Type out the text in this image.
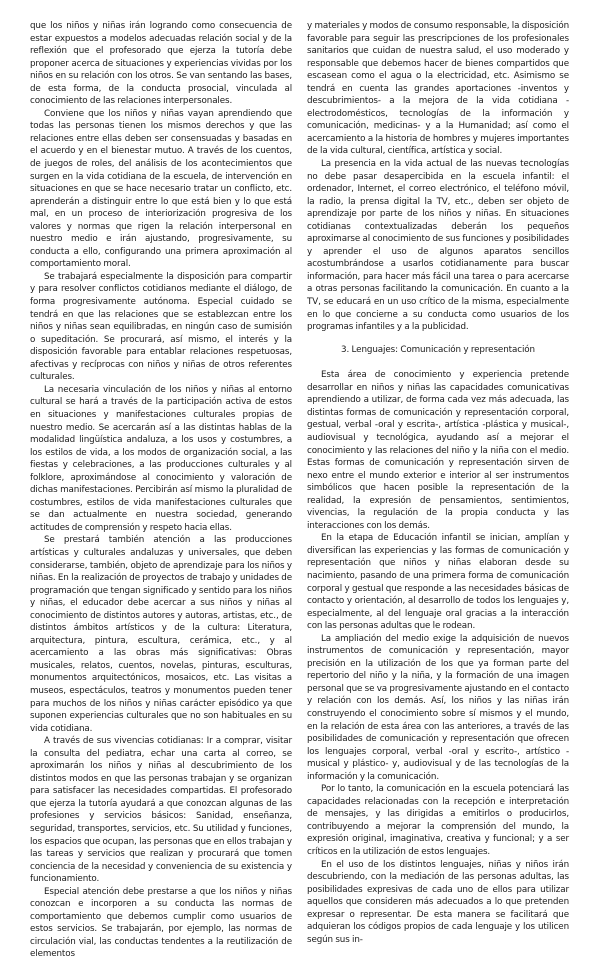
que los niños y niñas irán logrando como consecuencia de estar expuestos a modelos adecuadas relación social y de la reflexión que el profesorado que ejerza la tutoría debe proponer acerca de situaciones y experiencias vividas por los niños en su relación con los otros. Se van sentando las bases, de esta forma, de la conducta prosocial, vinculada al conocimiento de las relaciones interpersonales.

Conviene que los niños y niñas vayan aprendiendo que todas las personas tienen los mismos derechos y que las relaciones entre ellas deben ser consensuadas y basadas en el acuerdo y en el bienestar mutuo. A través de los cuentos, de juegos de roles, del análisis de los acontecimientos que surgen en la vida cotidiana de la escuela, de intervención en situaciones en que se hace necesario tratar un conflicto, etc. aprenderán a distinguir entre lo que está bien y lo que está mal, en un proceso de interiorización progresiva de los valores y normas que rigen la relación interpersonal en nuestro medio e irán ajustando, progresivamente, su conducta a ello, configurando una primera aproximación al comportamiento moral.

Se trabajará especialmente la disposición para compartir y para resolver conflictos cotidianos mediante el diálogo, de forma progresivamente autónoma. Especial cuidado se tendrá en que las relaciones que se establezcan entre los niños y niñas sean equilibradas, en ningún caso de sumisión o supeditación. Se procurará, así mismo, el interés y la disposición favorable para entablar relaciones respetuosas, afectivas y recíprocas con niños y niñas de otros referentes culturales.

La necesaria vinculación de los niños y niñas al entorno cultural se hará a través de la participación activa de estos en situaciones y manifestaciones culturales propias de nuestro medio. Se acercarán así a las distintas hablas de la modalidad lingüística andaluza, a los usos y costumbres, a los estilos de vida, a los modos de organización social, a las fiestas y celebraciones, a las producciones culturales y al folklore, aproximándose al conocimiento y valoración de dichas manifestaciones. Percibirán así mismo la pluralidad de costumbres, estilos de vida manifestaciones culturales que se dan actualmente en nuestra sociedad, generando actitudes de comprensión y respeto hacia ellas.

Se prestará también atención a las producciones artísticas y culturales andaluzas y universales, que deben considerarse, también, objeto de aprendizaje para los niños y niñas. En la realización de proyectos de trabajo y unidades de programación que tengan significado y sentido para los niños y niñas, el educador debe acercar a sus niños y niñas al conocimiento de distintos autores y autoras, artistas, etc., de distintos ámbitos artísticos y de la cultura: Literatura, arquitectura, pintura, escultura, cerámica, etc., y al acercamiento a las obras más significativas: Obras musicales, relatos, cuentos, novelas, pinturas, esculturas, monumentos arquitectónicos, mosaicos, etc. Las visitas a museos, espectáculos, teatros y monumentos pueden tener para muchos de los niños y niñas carácter episódico ya que suponen experiencias culturales que no son habituales en su vida cotidiana.

A través de sus vivencias cotidianas: Ir a comprar, visitar la consulta del pediatra, echar una carta al correo, se aproximarán los niños y niñas al descubrimiento de los distintos modos en que las personas trabajan y se organizan para satisfacer las necesidades compartidas. El profesorado que ejerza la tutoría ayudará a que conozcan algunas de las profesiones y servicios básicos: Sanidad, enseñanza, seguridad, transportes, servicios, etc. Su utilidad y funciones, los espacios que ocupan, las personas que en ellos trabajan y las tareas y servicios que realizan y procurará que tomen conciencia de la necesidad y conveniencia de su existencia y funcionamiento.

Especial atención debe prestarse a que los niños y niñas conozcan e incorporen a su conducta las normas de comportamiento que debemos cumplir como usuarios de estos servicios. Se trabajarán, por ejemplo, las normas de circulación vial, las conductas tendentes a la reutilización de elementos

y materiales y modos de consumo responsable, la disposición favorable para seguir las prescripciones de los profesionales sanitarios que cuidan de nuestra salud, el uso moderado y responsable que debemos hacer de bienes compartidos que escasean como el agua o la electricidad, etc. Asimismo se tendrá en cuenta las grandes aportaciones -inventos y descubrimientos- a la mejora de la vida cotidiana -electrodomésticos, tecnologías de la información y comunicación, medicinas- y a la Humanidad; así como el acercamiento a la historia de hombres y mujeres importantes de la vida cultural, científica, artística y social.

La presencia en la vida actual de las nuevas tecnologías no debe pasar desapercibida en la escuela infantil: el ordenador, Internet, el correo electrónico, el teléfono móvil, la radio, la prensa digital la TV, etc., deben ser objeto de aprendizaje por parte de los niños y niñas. En situaciones cotidianas contextualizadas deberán los pequeños aproximarse al conocimiento de sus funciones y posibilidades y aprender el uso de algunos aparatos sencillos acostumbrándose a usarlos cotidianamente para buscar información, para hacer más fácil una tarea o para acercarse a otras personas facilitando la comunicación. En cuanto a la TV, se educará en un uso crítico de la misma, especialmente en lo que concierne a su conducta como usuarios de los programas infantiles y a la publicidad.

3. Lenguajes: Comunicación y representación

Esta área de conocimiento y experiencia pretende desarrollar en niños y niñas las capacidades comunicativas aprendiendo a utilizar, de forma cada vez más adecuada, las distintas formas de comunicación y representación corporal, gestual, verbal -oral y escrita-, artística -plástica y musical-, audiovisual y tecnológica, ayudando así a mejorar el conocimiento y las relaciones del niño y la niña con el medio. Estas formas de comunicación y representación sirven de nexo entre el mundo exterior e interior al ser instrumentos simbólicos que hacen posible la representación de la realidad, la expresión de pensamientos, sentimientos, vivencias, la regulación de la propia conducta y las interacciones con los demás.

En la etapa de Educación infantil se inician, amplían y diversifican las experiencias y las formas de comunicación y representación que niños y niñas elaboran desde su nacimiento, pasando de una primera forma de comunicación corporal y gestual que responde a las necesidades básicas de contacto y orientación, al desarrollo de todos los lenguajes y, especialmente, al del lenguaje oral gracias a la interacción con las personas adultas que le rodean.

La ampliación del medio exige la adquisición de nuevos instrumentos de comunicación y representación, mayor precisión en la utilización de los que ya forman parte del repertorio del niño y la niña, y la formación de una imagen personal que se va progresivamente ajustando en el contacto y relación con los demás. Así, los niños y las niñas irán construyendo el conocimiento sobre sí mismos y el mundo, en la relación de esta área con las anteriores, a través de las posibilidades de comunicación y representación que ofrecen los lenguajes corporal, verbal -oral y escrito-, artístico -musical y plástico- y, audiovisual y de las tecnologías de la información y la comunicación.

Por lo tanto, la comunicación en la escuela potenciará las capacidades relacionadas con la recepción e interpretación de mensajes, y las dirigidas a emitirlos o producirlos, contribuyendo a mejorar la comprensión del mundo, la expresión original, imaginativa, creativa y funcional; y a ser críticos en la utilización de estos lenguajes.

En el uso de los distintos lenguajes, niñas y niños irán descubriendo, con la mediación de las personas adultas, las posibilidades expresivas de cada uno de ellos para utilizar aquellos que consideren más adecuados a lo que pretenden expresar o representar. De esta manera se facilitará que adquieran los códigos propios de cada lenguaje y los utilicen según sus in-
